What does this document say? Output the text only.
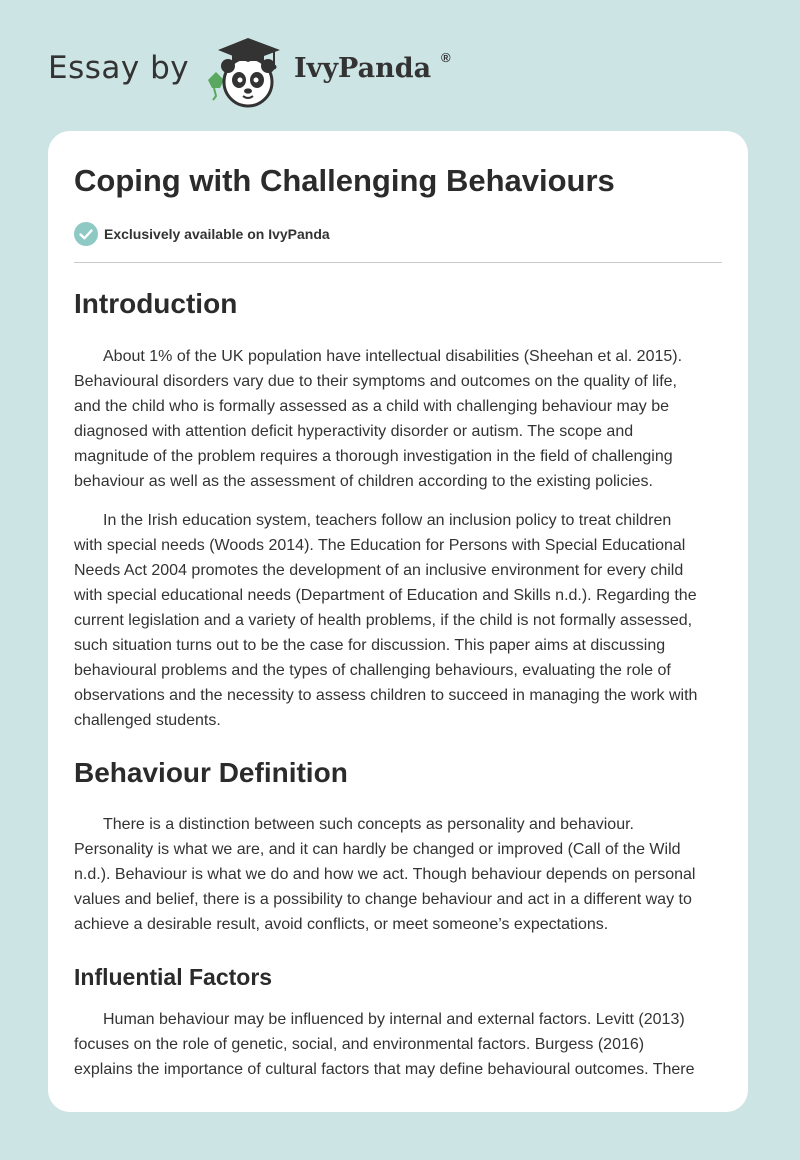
Essay by	IvyPanda ®
Coping with Challenging Behaviours
Exclusively available on IvyPanda
Introduction

About 1% of the UK population have intellectual disabilities (Sheehan et al. 2015).

Behavioural disorders vary due to their symptoms and outcomes on the quality of life,

and the child who is formally assessed as a child with challenging behaviour may be

diagnosed with attention deficit hyperactivity disorder or autism. The scope and

magnitude of the problem requires a thorough investigation in the field of challenging

behaviour as well as the assessment of children according to the existing policies.

In the Irish education system, teachers follow an inclusion policy to treat children

with special needs (Woods 2014). The Education for Persons with Special Educational

Needs Act 2004 promotes the development of an inclusive environment for every child

with special educational needs (Department of Education and Skills n.d.). Regarding the

current legislation and a variety of health problems, if the child is not formally assessed,

such situation turns out to be the case for discussion. This paper aims at discussing

behavioural problems and the types of challenging behaviours, evaluating the role of

observations and the necessity to assess children to succeed in managing the work with

challenged students.

Behaviour Definition

There is a distinction between such concepts as personality and behaviour.

Personality is what we are, and it can hardly be changed or improved (Call of the Wild

n.d.). Behaviour is what we do and how we act. Though behaviour depends on personal

values and belief, there is a possibility to change behaviour and act in a different way to

achieve a desirable result, avoid conflicts, or meet someone’s expectations.

Influential Factors

Human behaviour may be influenced by internal and external factors. Levitt (2013)

focuses on the role of genetic, social, and environmental factors. Burgess (2016)

explains the importance of cultural factors that may define behavioural outcomes. There
